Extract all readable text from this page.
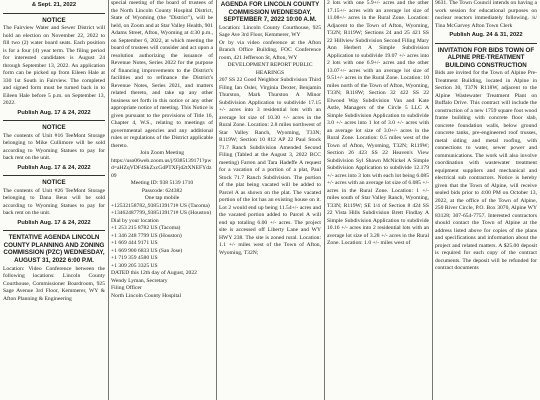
& Sept. 21, 2022
NOTICE

The Fairview Water and Sewer District will hold an election on November 22, 2022 to fill two (2) water board seats. Each position is for a four (4) year term. The filing period for interested candidates is August 24 through September 13, 2022. An application form can be picked up from Eileen Hale at 330 1st South in Fairview. The completed and signed form must be turned back in to Eileen Hale before 5 p.m. on September 13, 2022.

Publish Aug. 17 & 24, 2022
NOTICE

The contents of Unit #16 TeeMont Storage belonging to Mike Cullimore will be sold according to Wyoming Statues to pay for back rent on the unit.

Publish Aug. 17 & 24, 2022
NOTICE

The contents of Unit #26 TeeMont Storage belonging to Dana Beus will be sold according to Wyoming Statues to pay for back rent on the unit.

Publish Aug. 17 & 24, 2022
TENTATIVE AGENDA LINCOLN COUNTY PLANNING AND ZONING COMMISSION (PZC) WEDNESDAY, AUGUST 31, 2022 6:00 P.M.

Location: Video Conference between the following locations: Lincoln County Courthouse, Commissioner Boardroom, 925 Sage Avenue 3rd Floor, Kemmerer, WY & Afton Planning & Engineering

special meeting of the board of trustees of the North Lincoln County Hospital District, State of Wyoming (the "District"), will be held, on Zoom and at Star Valley Health, 901 Adams Street, Afton, Wyoming at 4:30 p.m., on September 6, 2022, at which meeting the board of trustees will consider and act upon a resolution authorizing the issuance of Revenue Notes, Series 2022 for the purpose of financing improvements to the District's facilities and to refinance the District's Revenue Notes, Series 2021, and matters related thereto, and take up any other business set forth in this notice or any other appropriate notice of meeting. This Notice is given pursuant to the provisions of Title 16, Chapter 4, W.S., relating to meetings of governmental agencies and any additional rules or regulations of the District applicable thereto.

Join Zoom Meeting

https://uso06web.zoom.us/j/9385139171?pwd=aHZqVDF4SkZxcGdPTXFjd2tXNEFYdz09

Meeting ID: 938 5139 1710

Passcode: 624382

One tap mobile

+12532158782,,9385139171# US (Tacoma)
+13462487799,,9385139171# US (Houston)

Dial by your location

+1 253 215 8782 US (Tacoma)
+1 346 248 7799 US (Houston)
+1 669 444 9171 US
+1 669 900 6833 US (San Jose)
+1 719 359 4580 US
+1 309 205 3325 US

DATED this 12th day of August, 2022

Wendy Lyman, Secretary

Filing Officer

North Lincoln County Hospital

AGENDA FOR LINCOLN COUNTY COMMISSION WEDNESDAY, SEPTEMBER 7, 2022 10:00 A.M.

Location: Lincoln County Courthouse, 925 Sage Ave 3rd Floor, Kemmerer, WY

Or by via video conference at the Afton Branch Office Building, FOC Conference room, 421 Jefferson St, Afton, WY

DEVELOPMENT REPORT PUBLIC HEARINGS

207 SS 22 Good Neighbor Subdivision Third Filing Ian Osler, Virginia Dexter, Benjamin Thurston, Mark Thurston A Minor Subdivision Application to subdivide 17.15 +/- acres into 3 residential lots with an average lot size of 10.30 +/- acres in the Rural Zone. Location: 2.8 miles northwest of Star Valley Ranch, Wyoming, T33N; R119W; Section 10 812 AP 22 Paul Stock 71.7 Ranch Subdivision Amended Second Filing (Tabled at the August 3, 2022 BCC meeting) Farren and Tara Hadeffe A request for a vacation of a portion of a plat, Paul Stock 71.7 Ranch Subdivision. The portion of the plat being vacated will be added to Parcel A as shown on the plat. The vacated portion of the lot has an existing house on it. Lot 2 would end up being 11.54+/- acres and the vacated portion added to Parcel A will end up totaling 6.00 +/- acres. The project site is accessed off Liberty Lane and WY HWY 238. The site is zoned rural. Location: 1.1 +/- miles west of the Town of Afton, Wyoming, T32N;

2 lots with one 5.9+/- acres and the other 17.15+/- acres with an average lot size of 11.08+/- acres in the Rural Zone. Location: Adjacent to the Town of Afton, Wyoming, T32N; R119W; Sections 24 and 25 421 SS 22 Hillview Subdivision Second Filing Mary Ann Herbert A Simple Subdivision Application to subdivide 19.07 +/- acres into 2 lots with one 6.9+/- acres and the other 13.07+/- acres with an average lot size of 9.51+/- acres in the Rural Zone. Location: 10 miles north of the Town of Afton, Wyoming, T33N; R118W; Section 32 422 SS 22 Elwood Way Subdivision Van and Kate Astle, Managers of the Circle 5 LLC A Simple Subdivision Application to subdivide 3.0 +/- acres into 1 lot of 3.0 +/- acres with an average lot size of 3.0+/- acres in the Rural Zone. Location: 0.5 miles west of the Town of Afton, Wyoming, T32N; R119W; Section 26 423 SS 22 Heaven's View Subdivision Syl Shawn McNickel A Simple Subdivision Application to subdivide 12.179 +/- acres into 3 lots with each lot being 6.085 +/- acres with an average lot size of 6.085 +/- acres in the Rural Zone. Location: 1 +/- miles south of Star Valley Ranch, Wyoming, T33N; R119W; SE 1/4 of Section 8 424 SS 22 Vista Hills Subdivision Brett Findlay A Simple Subdivision Application to subdivide 10.16 +/- acres into 2 residential lots with an average lot size of 3.28 +/- acres in the Rural Zone. Location: 1.0 +/- miles west of

9631. The Town Council intends on having a work session for educational purposes on nuclear reactors immediately following. /s/ Tina McGarvey Afton Town Clerk

Publish Aug. 24 & 31, 2022
INVITATION FOR BIDS TOWN OF ALPINE PRE-TREATMENT BUILDING CONSTRUCTION

Bids are invited for the Town of Alpine Pre-Treatment Building, located in Alpine in Section 30, T37N R118W, adjacent to the Alpine Wastewater Treatment Plant on Buffalo Drive. This contract will include the construction of a new 1759 square foot wood frame building with concrete floor slab, concrete foundation walls, below ground concrete tanks, pre-engineered roof trusses, metal siding and metal roofing, with connections to water, sewer power and communications. The work will also involve coordination with wastewater treatment equipment suppliers and mechanical and electrical sub contractors. Notice is hereby given that the Town of Alpine, will receive sealed bids prior to 4:00 PM on October 13, 2022, at the office of the Town of Alpine, 250 River Circle, P.O. Box 3070, Alpine WY 83128; 307-654-7757. Interested contractors should contact the Town of Alpine at the address listed above for copies of the plans and specifications and information about the project and related matters. A $25.00 deposit is required for each copy of the contract documents. The deposit will be refunded for contract documents
